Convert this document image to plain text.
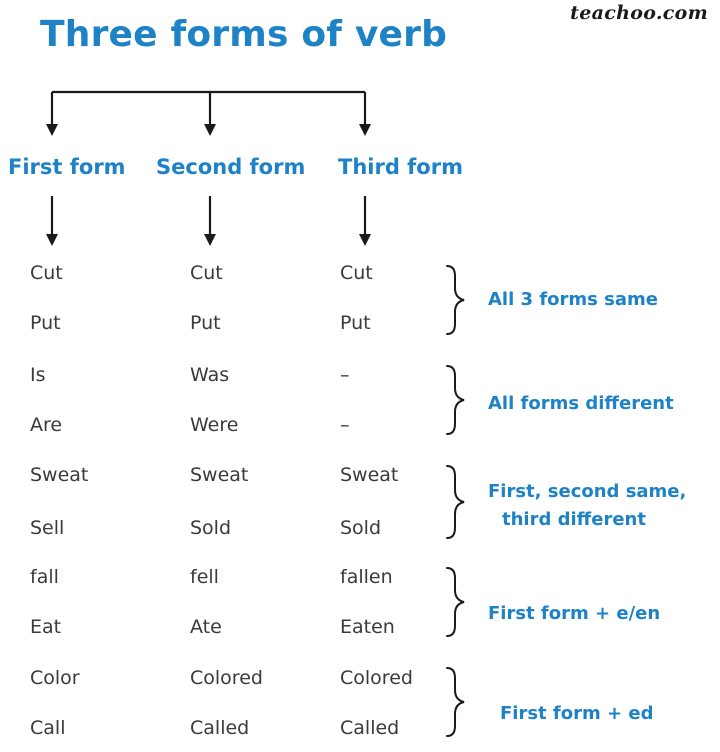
teachoo.com
Three forms of verb
First form Second form Third form
Cut	Cut	Cut
Put	Put	Put
Is	Was	–
Are	Were	–
Sweat	Sweat	Sweat
Sell	Sold	Sold
fall	fell	fallen
Eat	Ate	Eaten
Color	Colored	Colored
Call	Called	Called
All 3 forms same
All forms different
First, second same,
third different
First form + e/en
First form + ed
